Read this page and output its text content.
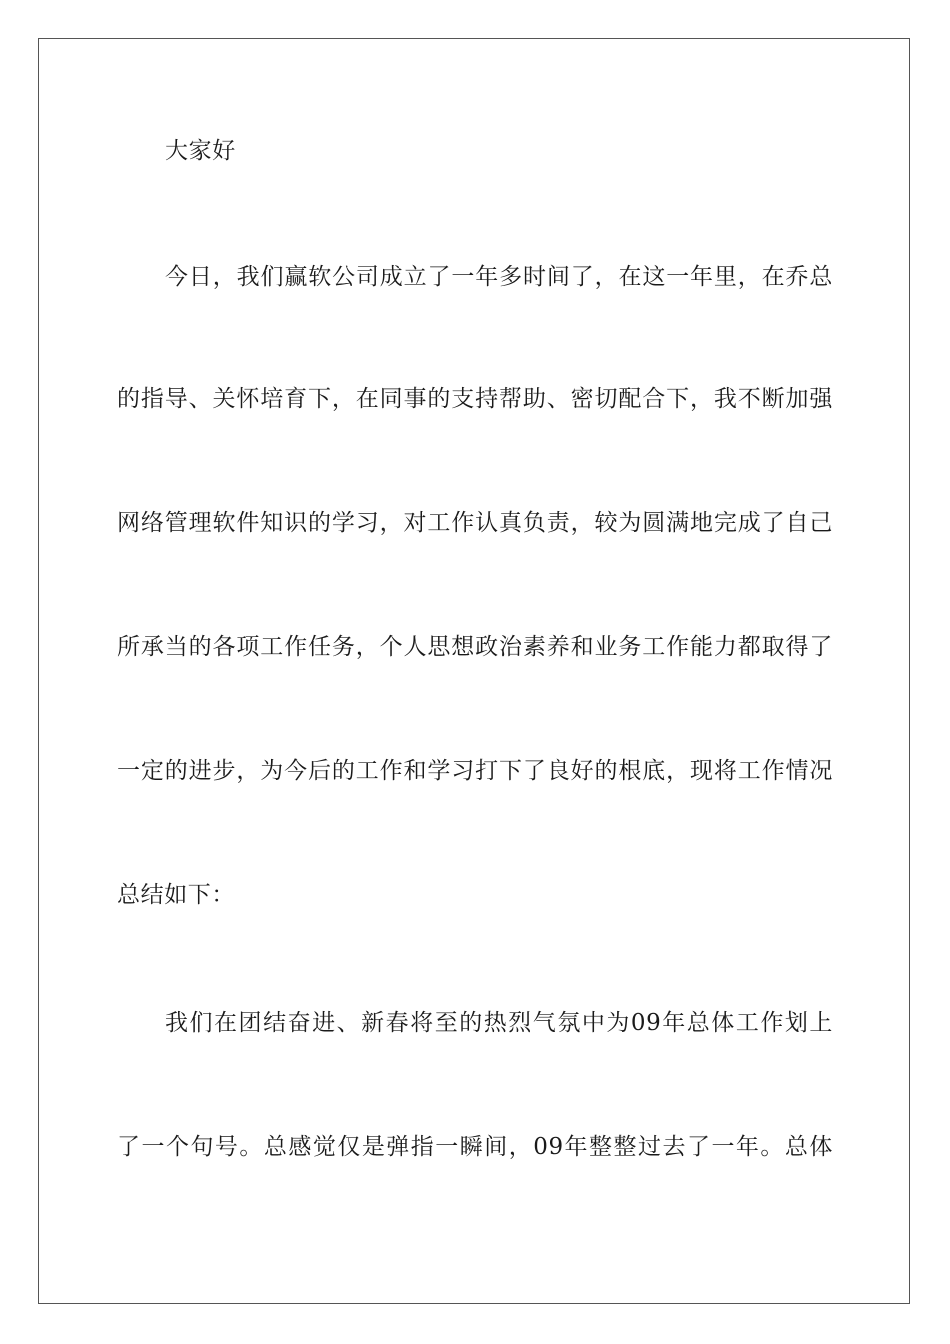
大家好
今日，我们赢软公司成立了一年多时间了，在这一年里，在乔总
的指导、关怀培育下，在同事的支持帮助、密切配合下，我不断加强
网络管理软件知识的学习，对工作认真负责，较为圆满地完成了自己
所承当的各项工作任务，个人思想政治素养和业务工作能力都取得了
一定的进步，为今后的工作和学习打下了良好的根底，现将工作情况
总结如下：
我们在团结奋进、新春将至的热烈气氛中为09年总体工作划上
了一个句号。总感觉仅是弹指一瞬间，09年整整过去了一年。总体
